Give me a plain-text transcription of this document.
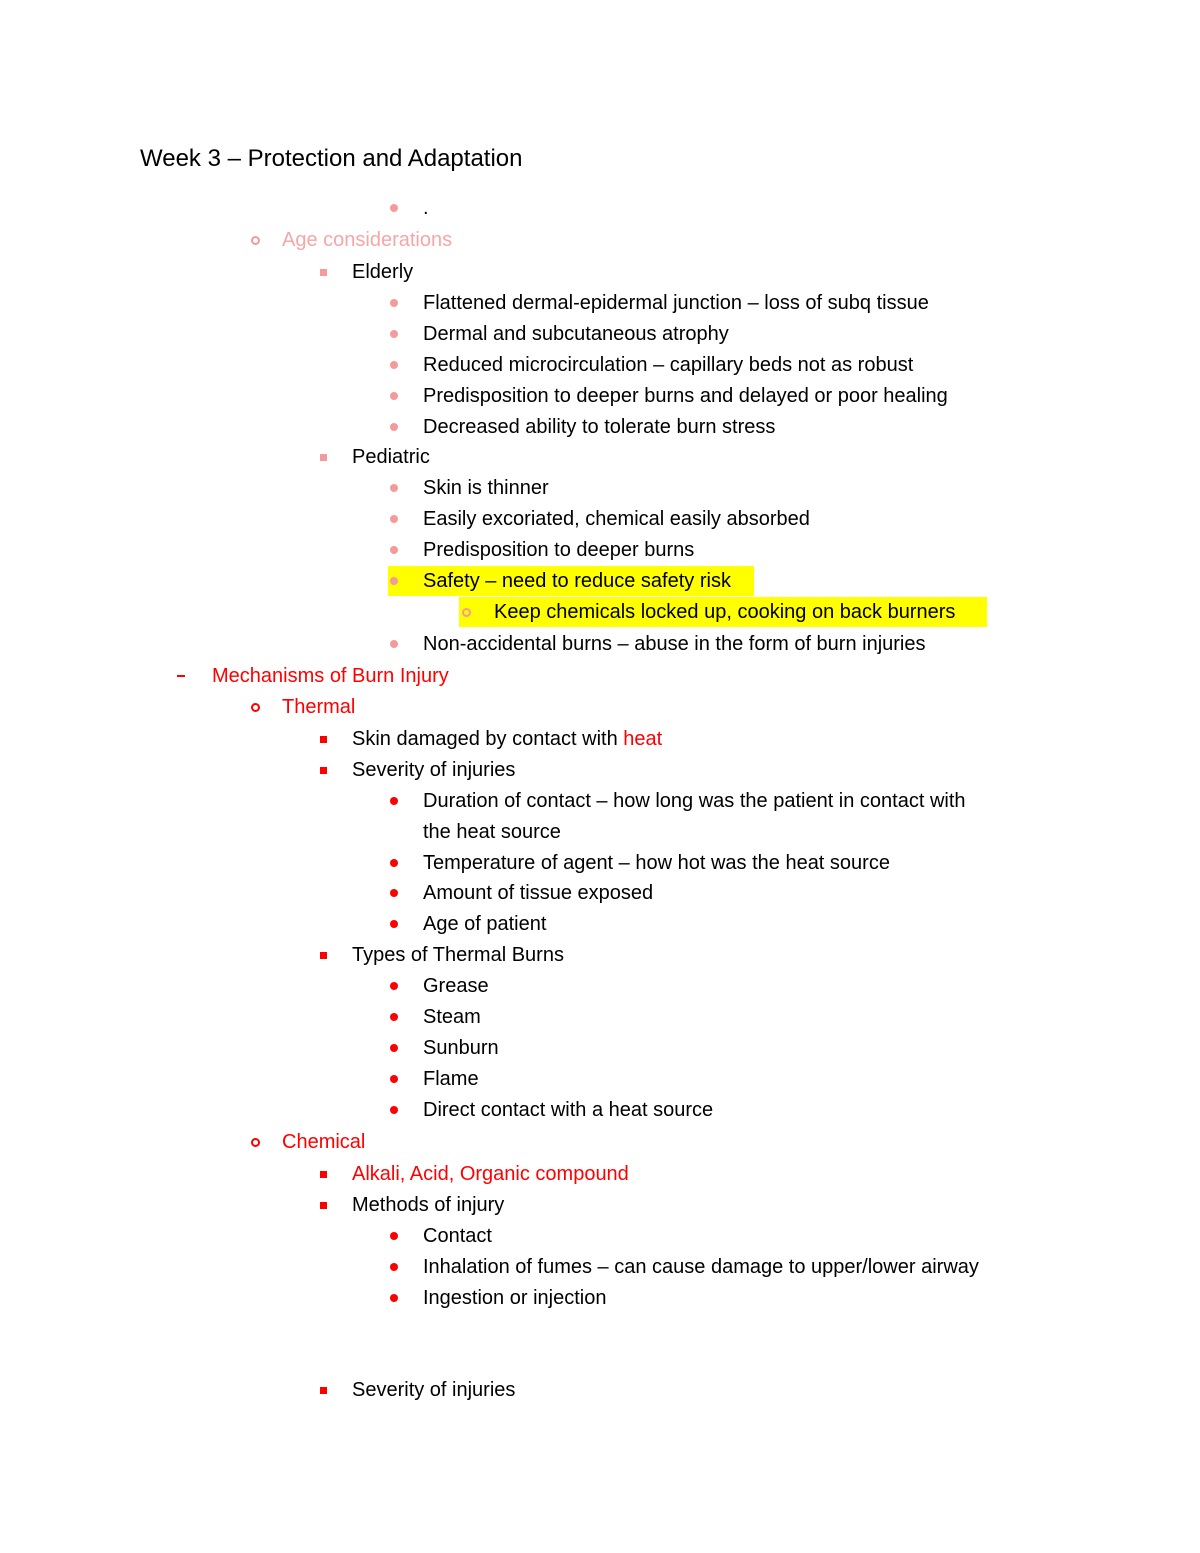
Week 3 – Protection and Adaptation
.
Age considerations
Elderly
Flattened dermal-epidermal junction – loss of subq tissue
Dermal and subcutaneous atrophy
Reduced microcirculation – capillary beds not as robust
Predisposition to deeper burns and delayed or poor healing
Decreased ability to tolerate burn stress
Pediatric
Skin is thinner
Easily excoriated, chemical easily absorbed
Predisposition to deeper burns
Safety – need to reduce safety risk
Keep chemicals locked up, cooking on back burners
Non-accidental burns – abuse in the form of burn injuries
Mechanisms of Burn Injury
Thermal
Skin damaged by contact with heat
Severity of injuries
Duration of contact – how long was the patient in contact with
the heat source
Temperature of agent – how hot was the heat source
Amount of tissue exposed
Age of patient
Types of Thermal Burns
Grease
Steam
Sunburn
Flame
Direct contact with a heat source
Chemical
Alkali, Acid, Organic compound
Methods of injury
Contact
Inhalation of fumes – can cause damage to upper/lower airway
Ingestion or injection
Severity of injuries
